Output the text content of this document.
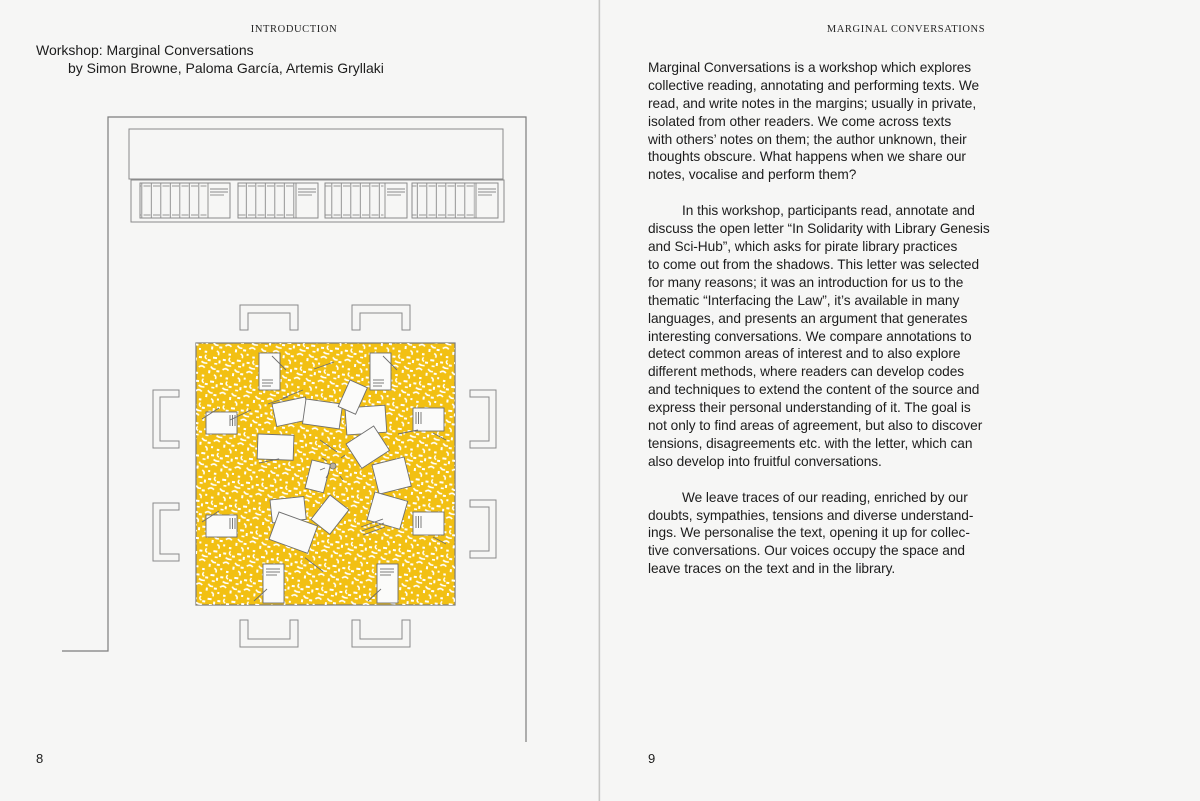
INTRODUCTION
Workshop: Marginal Conversations
by Simon Browne, Paloma García, Artemis Gryllaki
8
MARGINAL CONVERSATIONS

Marginal Conversations is a workshop which explores
collective reading, annotating and performing texts. We
read, and write notes in the margins; usually in private,
isolated from other readers. We come across texts
with others’ notes on them; the author unknown, their
thoughts obscure. What happens when we share our
notes, vocalise and perform them?

In this workshop, participants read, annotate and
discuss the open letter “In Solidarity with Library Genesis
and Sci-Hub”, which asks for pirate library practices
to come out from the shadows. This letter was selected
for many reasons; it was an introduction for us to the
thematic “Interfacing the Law”, it’s available in many
languages, and presents an argument that generates
interesting conversations. We compare annotations to
detect common areas of interest and to also explore
different methods, where readers can develop codes
and techniques to extend the content of the source and
express their personal understanding of it. The goal is
not only to find areas of agreement, but also to discover
tensions, disagreements etc. with the letter, which can
also develop into fruitful conversations.

We leave traces of our reading, enriched by our
doubts, sympathies, tensions and diverse understand-
ings. We personalise the text, opening it up for collec-
tive conversations. Our voices occupy the space and
leave traces on the text and in the library.

9
